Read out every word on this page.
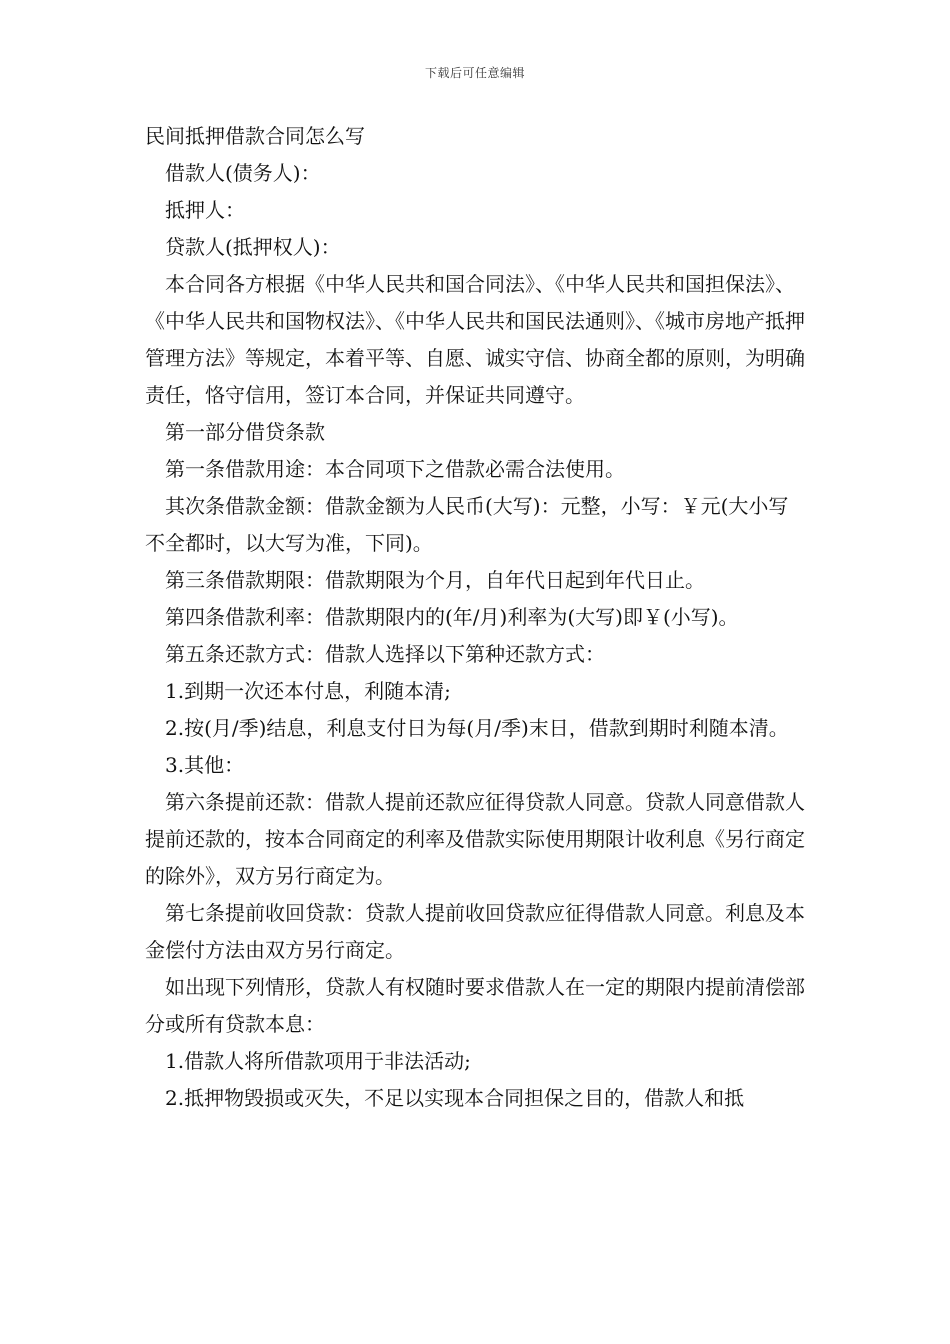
下载后可任意编辑

民间抵押借款合同怎么写

借款人(债务人)：

抵押人：

贷款人(抵押权人)：

本合同各方根据《中华人民共和国合同法》、《中华人民共和国担保法》、《中华人民共和国物权法》、《中华人民共和国民法通则》、《城市房地产抵押管理方法》等规定，本着平等、自愿、诚实守信、协商全都的原则，为明确责任，恪守信用，签订本合同，并保证共同遵守。

第一部分借贷条款

第一条借款用途：本合同项下之借款必需合法使用。

其次条借款金额：借款金额为人民币(大写)：元整，小写：￥元(大小写不全都时，以大写为准，下同)。

第三条借款期限：借款期限为个月，自年代日起到年代日止。

第四条借款利率：借款期限内的(年/月)利率为(大写)即￥(小写)。

第五条还款方式：借款人选择以下第种还款方式：

1.到期一次还本付息，利随本清;

2.按(月/季)结息，利息支付日为每(月/季)末日，借款到期时利随本清。

3.其他：

第六条提前还款：借款人提前还款应征得贷款人同意。贷款人同意借款人提前还款的，按本合同商定的利率及借款实际使用期限计收利息《另行商定的除外》，双方另行商定为。

第七条提前收回贷款：贷款人提前收回贷款应征得借款人同意。利息及本金偿付方法由双方另行商定。

如出现下列情形，贷款人有权随时要求借款人在一定的期限内提前清偿部分或所有贷款本息：

1.借款人将所借款项用于非法活动;

2.抵押物毁损或灭失，不足以实现本合同担保之目的，借款人和抵
